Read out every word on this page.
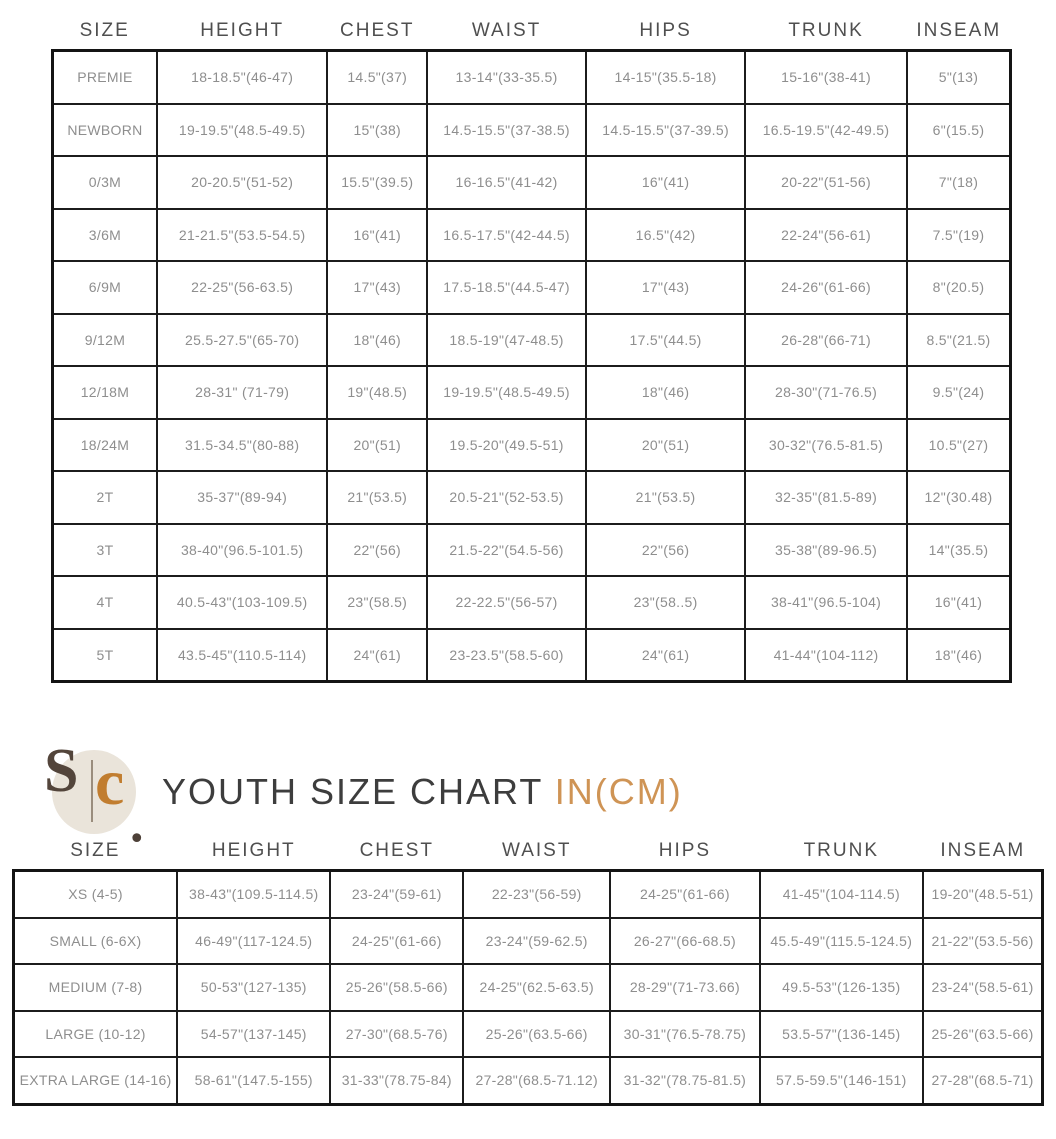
SIZE	HEIGHT	CHEST	WAIST	HIPS	TRUNK	INSEAM
PREMIE	18-18.5"(46-47)	14.5"(37)	13-14"(33-35.5)	14-15"(35.5-18)	15-16"(38-41)	5"(13)
NEWBORN	19-19.5"(48.5-49.5)	15"(38)	14.5-15.5"(37-38.5)	14.5-15.5"(37-39.5)	16.5-19.5"(42-49.5)	6"(15.5)
0/3M	20-20.5"(51-52)	15.5"(39.5)	16-16.5"(41-42)	16"(41)	20-22"(51-56)	7"(18)
3/6M	21-21.5"(53.5-54.5)	16"(41)	16.5-17.5"(42-44.5)	16.5"(42)	22-24"(56-61)	7.5"(19)
6/9M	22-25"(56-63.5)	17"(43)	17.5-18.5"(44.5-47)	17"(43)	24-26"(61-66)	8"(20.5)
9/12M	25.5-27.5"(65-70)	18"(46)	18.5-19"(47-48.5)	17.5"(44.5)	26-28"(66-71)	8.5"(21.5)
12/18M	28-31" (71-79)	19"(48.5)	19-19.5"(48.5-49.5)	18"(46)	28-30"(71-76.5)	9.5"(24)
18/24M	31.5-34.5"(80-88)	20"(51)	19.5-20"(49.5-51)	20"(51)	30-32"(76.5-81.5)	10.5"(27)
2T	35-37"(89-94)	21"(53.5)	20.5-21"(52-53.5)	21"(53.5)	32-35"(81.5-89)	12"(30.48)
3T	38-40"(96.5-101.5)	22"(56)	21.5-22"(54.5-56)	22"(56)	35-38"(89-96.5)	14"(35.5)
4T	40.5-43"(103-109.5)	23"(58.5)	22-22.5"(56-57)	23"(58..5)	38-41"(96.5-104)	16"(41)
5T	43.5-45"(110.5-114)	24"(61)	23-23.5"(58.5-60)	24"(61)	41-44"(104-112)	18"(46)
S c
.
YOUTH SIZE CHART IN(CM)
SIZE	HEIGHT	CHEST	WAIST	HIPS	TRUNK	INSEAM
XS (4-5)	38-43"(109.5-114.5)	23-24"(59-61)	22-23"(56-59)	24-25"(61-66)	41-45"(104-114.5)	19-20"(48.5-51)
SMALL (6-6X)	46-49"(117-124.5)	24-25"(61-66)	23-24"(59-62.5)	26-27"(66-68.5)	45.5-49"(115.5-124.5)	21-22"(53.5-56)
MEDIUM (7-8)	50-53"(127-135)	25-26"(58.5-66)	24-25"(62.5-63.5)	28-29"(71-73.66)	49.5-53"(126-135)	23-24"(58.5-61)
LARGE (10-12)	54-57"(137-145)	27-30"(68.5-76)	25-26"(63.5-66)	30-31"(76.5-78.75)	53.5-57"(136-145)	25-26"(63.5-66)
EXTRA LARGE (14-16)	58-61"(147.5-155)	31-33"(78.75-84)	27-28"(68.5-71.12)	31-32"(78.75-81.5)	57.5-59.5"(146-151)	27-28"(68.5-71)
